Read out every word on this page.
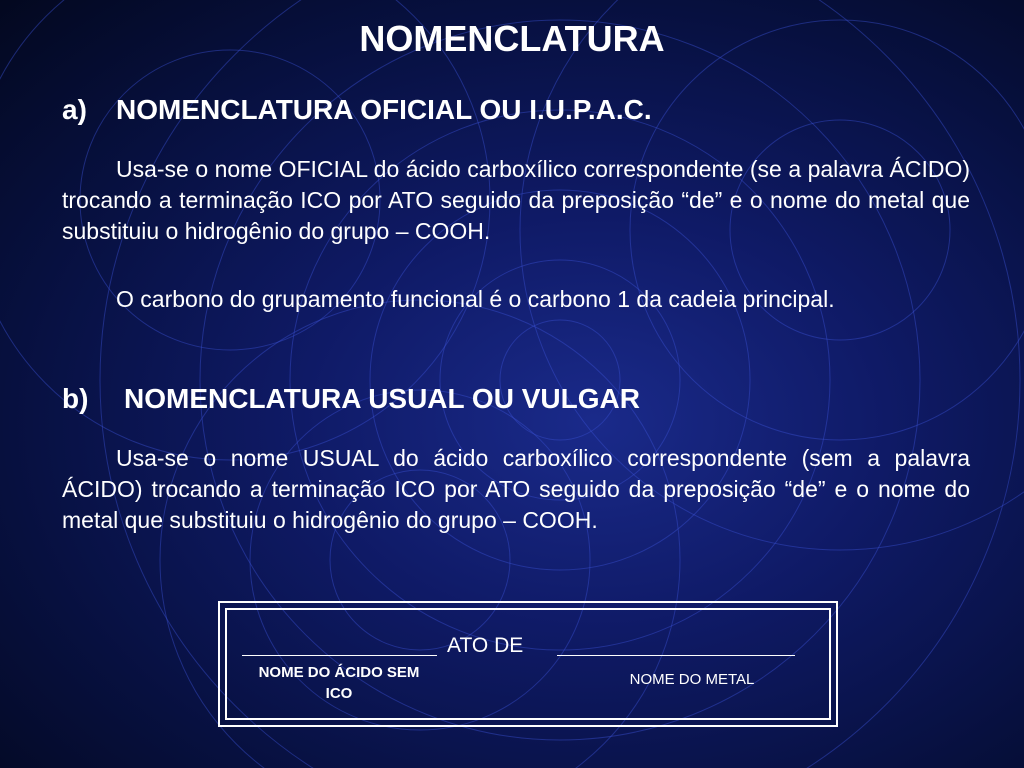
NOMENCLATURA
a) NOMENCLATURA OFICIAL OU I.U.P.A.C.

Usa-se o nome OFICIAL do ácido carboxílico correspondente (se a palavra ÁCIDO) trocando a terminação ICO por ATO seguido da preposição “de” e o nome do metal que substituiu o hidrogênio do grupo – COOH.

O carbono do grupamento funcional é o carbono 1 da cadeia principal.

b) NOMENCLATURA USUAL OU VULGAR

Usa-se o nome USUAL do ácido carboxílico correspondente (sem a palavra ÁCIDO) trocando a terminação ICO por ATO seguido da preposição “de” e o nome do metal que substituiu o hidrogênio do grupo – COOH.

ATO DE
NOME DO ÁCIDO SEM ICO
NOME DO METAL
